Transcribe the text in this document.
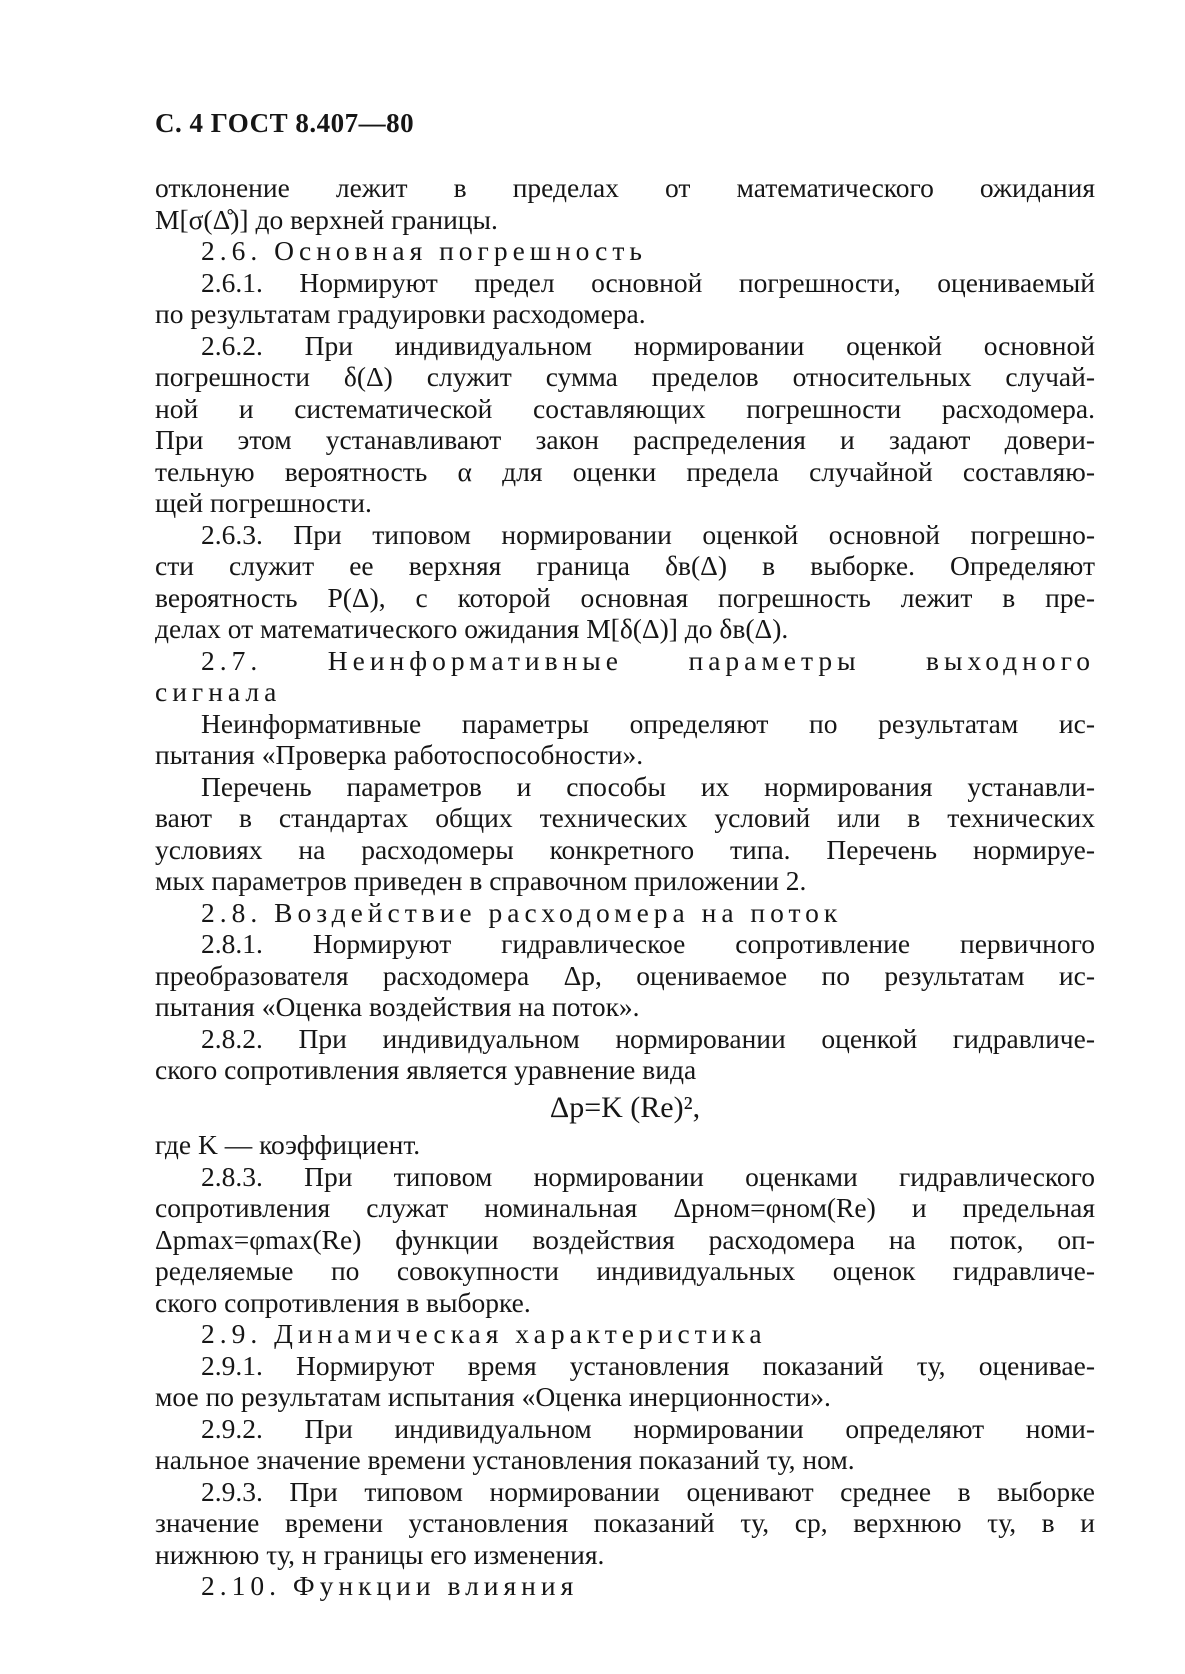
С. 4 ГОСТ 8.407—80
отклонение лежит в пределах от математического ожидания
M[σ(Δ̊)] до верхней границы.
2.6. Основная погрешность
2.6.1. Нормируют предел основной погрешности, оцениваемый
по результатам градуировки расходомера.
2.6.2. При индивидуальном нормировании оценкой основной
погрешности δ(Δ) служит сумма пределов относительных случай-
ной и систематической составляющих погрешности расходомера.
При этом устанавливают закон распределения и задают довери-
тельную вероятность α для оценки предела случайной составляю-
щей погрешности.
2.6.3. При типовом нормировании оценкой основной погрешно-
сти служит ее верхняя граница δв(Δ) в выборке. Определяют
вероятность P(Δ), с которой основная погрешность лежит в пре-
делах от математического ожидания M[δ(Δ)] до δв(Δ).
2.7. Неинформативные параметры выходного
сигнала
Неинформативные параметры определяют по результатам ис-
пытания «Проверка работоспособности».
Перечень параметров и способы их нормирования устанавли-
вают в стандартах общих технических условий или в технических
условиях на расходомеры конкретного типа. Перечень нормируе-
мых параметров приведен в справочном приложении 2.
2.8. Воздействие расходомера на поток
2.8.1. Нормируют гидравлическое сопротивление первичного
преобразователя расходомера Δp, оцениваемое по результатам ис-
пытания «Оценка воздействия на поток».
2.8.2. При индивидуальном нормировании оценкой гидравличе-
ского сопротивления является уравнение вида
Δp=K (Re)²,
где K — коэффициент.
2.8.3. При типовом нормировании оценками гидравлического
сопротивления служат номинальная Δpном=φном(Re) и предельная
Δpmax=φmax(Re) функции воздействия расходомера на поток, оп-
ределяемые по совокупности индивидуальных оценок гидравличе-
ского сопротивления в выборке.
2.9. Динамическая характеристика
2.9.1. Нормируют время установления показаний τу, оценивае-
мое по результатам испытания «Оценка инерционности».
2.9.2. При индивидуальном нормировании определяют номи-
нальное значение времени установления показаний τу, ном.
2.9.3. При типовом нормировании оценивают среднее в выборке
значение времени установления показаний τу, ср, верхнюю τу, в и
нижнюю τу, н границы его изменения.
2.10. Функции влияния
